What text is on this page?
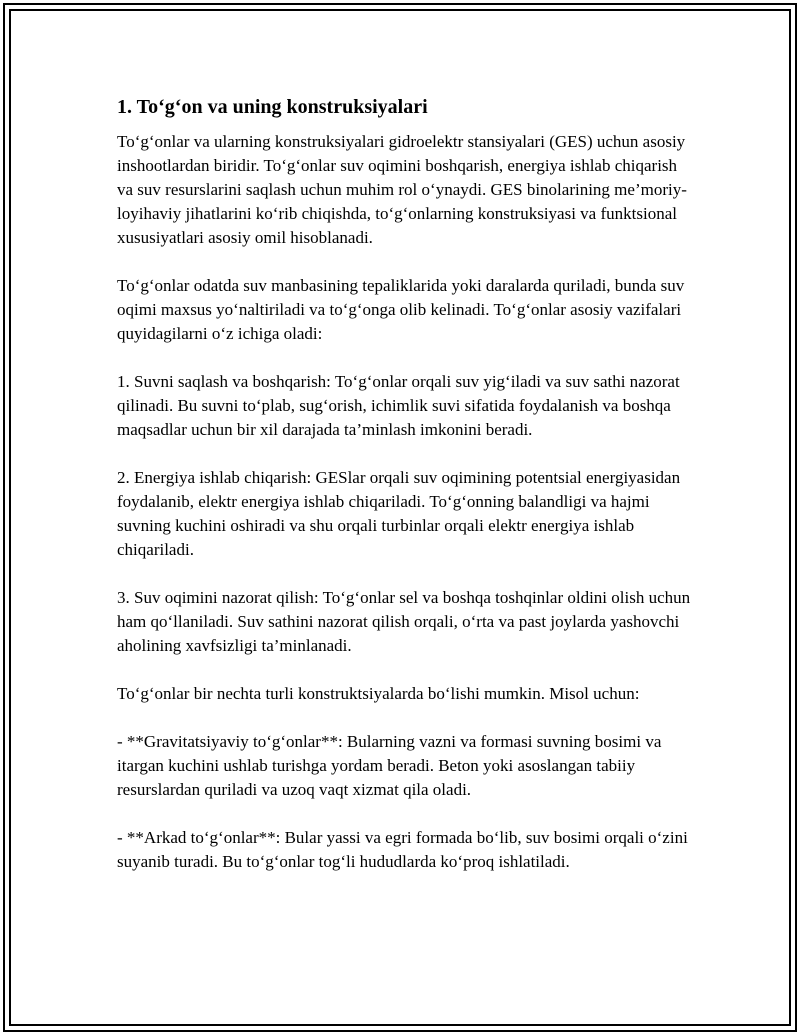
1. To‘g‘on va uning konstruksiyalari

To‘g‘onlar va ularning konstruksiyalari gidroelektr stansiyalari (GES) uchun asosiy inshootlardan biridir. To‘g‘onlar suv oqimini boshqarish, energiya ishlab chiqarish va suv resurslarini saqlash uchun muhim rol o‘ynaydi. GES binolarining me’moriy-loyihaviy jihatlarini ko‘rib chiqishda, to‘g‘onlarning konstruksiyasi va funktsional xususiyatlari asosiy omil hisoblanadi.

To‘g‘onlar odatda suv manbasining tepaliklarida yoki daralarda quriladi, bunda suv oqimi maxsus yo‘naltiriladi va to‘g‘onga olib kelinadi. To‘g‘onlar asosiy vazifalari quyidagilarni o‘z ichiga oladi:

1. Suvni saqlash va boshqarish: To‘g‘onlar orqali suv yig‘iladi va suv sathi nazorat qilinadi. Bu suvni to‘plab, sug‘orish, ichimlik suvi sifatida foydalanish va boshqa maqsadlar uchun bir xil darajada ta’minlash imkonini beradi.

2. Energiya ishlab chiqarish: GESlar orqali suv oqimining potentsial energiyasidan foydalanib, elektr energiya ishlab chiqariladi. To‘g‘onning balandligi va hajmi suvning kuchini oshiradi va shu orqali turbinlar orqali elektr energiya ishlab chiqariladi.

3. Suv oqimini nazorat qilish: To‘g‘onlar sel va boshqa toshqinlar oldini olish uchun ham qo‘llaniladi. Suv sathini nazorat qilish orqali, o‘rta va past joylarda yashovchi aholining xavfsizligi ta’minlanadi.

To‘g‘onlar bir nechta turli konstruktsiyalarda bo‘lishi mumkin. Misol uchun:

- **Gravitatsiyaviy to‘g‘onlar**: Bularning vazni va formasi suvning bosimi va itargan kuchini ushlab turishga yordam beradi. Beton yoki asoslangan tabiiy resurslardan quriladi va uzoq vaqt xizmat qila oladi.

- **Arkad to‘g‘onlar**: Bular yassi va egri formada bo‘lib, suv bosimi orqali o‘zini suyanib turadi. Bu to‘g‘onlar tog‘li hududlarda ko‘proq ishlatiladi.
